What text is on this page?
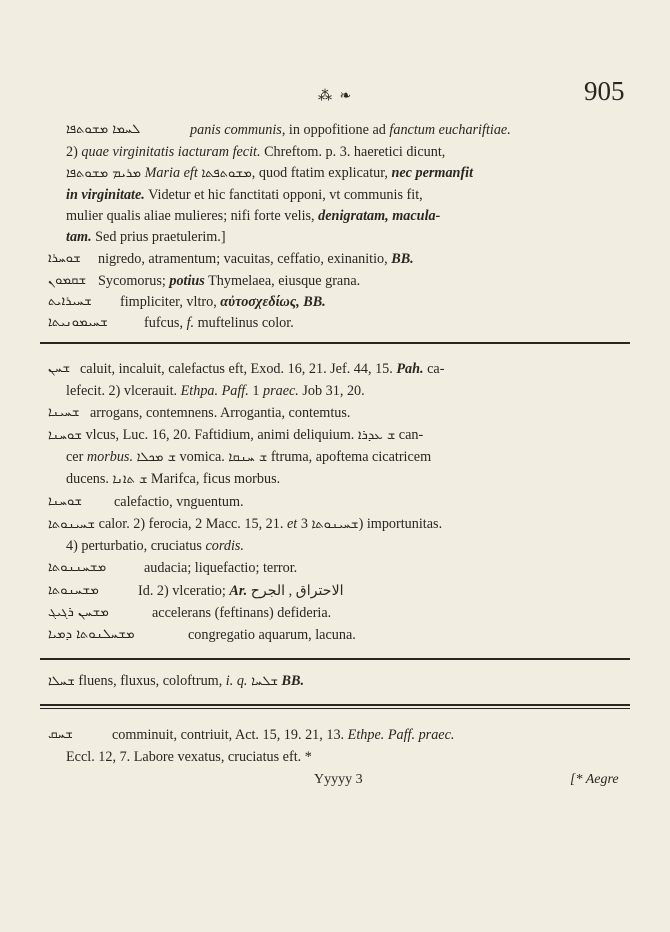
⁂ ❧	905
ܠܚܡܐ ܡܫܘܬܦܐ	panis communis, in oppofitione ad fanctum euchariftiae.
2) quae virginitatis iacturam fecit. Chreftom. p. 3. haeretici dicunt,
ܡܪܝܡ ܡܫܘܬܦܐ Maria eft ܡܫܘܬܦܬܐ, quod ftatim explicatur, nec permanfit
in virginitate. Videtur et hic fanctitati opponi, vt communis fit,
mulier qualis aliae mulieres; nifi forte velis, denigratam, macula-
tam. Sed prius praetulerim.]
ܫܘܚܪܐ nigredo, atramentum; vacuitas, ceffatio, exinanitio, BB.
ܫܩܡܘܢ Sycomorus; potius Thymelaea, eiusque grana.
ܫܚܝܪܐܝܬ fimpliciter, vltro, αὐτοσχεδίως, BB.
ܫܚܝܡܘܢܝܬܐ	fufcus, f. muftelinus color.
ܫܚܢ caluit, incaluit, calefactus eft, Exod. 16, 21. Jef. 44, 15. Pah. ca-
lefecit. 2) vlcerauit. Ethpa. Paff. 1 praec. Job 31, 20.
ܫܚܝܢܐ arrogans, contemnens. Arrogantia, contemtus.
ܫܘܚܢܐ vlcus, Luc. 16, 20. Faftidium, animi deliquium. ܫ ܥܕܪܐ can-
cer morbus. ܫ ܡܟܠܐ vomica. ܫ ܚܢܩܐ ftruma, apoftema cicatricem
ducens. ܫ ܬܐܢܐ Marifca, ficus morbus.
ܫܘܚܢܐ calefactio, vnguentum.
ܫܚܝܢܘܬܐ calor. 2) ferocia, 2 Macc. 15, 21. et ܫܚܝܢܘܬܐ 3) importunitas.
4) perturbatio, cruciatus cordis.
ܡܫܚܢܢܘܬܐ	audacia; liquefactio; terror.
ܡܫܚܢܘܬܐ	Id. 2) vlceratio; Ar. الاحتراق , الجرح
ܡܫܚܢ ܪܓܝܓ	accelerans (feftinans) defideria.
ܡܫܚܠܢܘܬܐ ܕܡܝܐ	congregatio aquarum, lacuna.
ܫܚܠܐ fluens, fluxus, coloftrum, i. q. ܫܠܚܐ BB.
ܫܚܩ	comminuit, contriuit, Act. 15, 19. 21, 13. Ethpe. Paff. praec.
Eccl. 12, 7. Labore vexatus, cruciatus eft. *
Yyyyy 3	[* Aegre
